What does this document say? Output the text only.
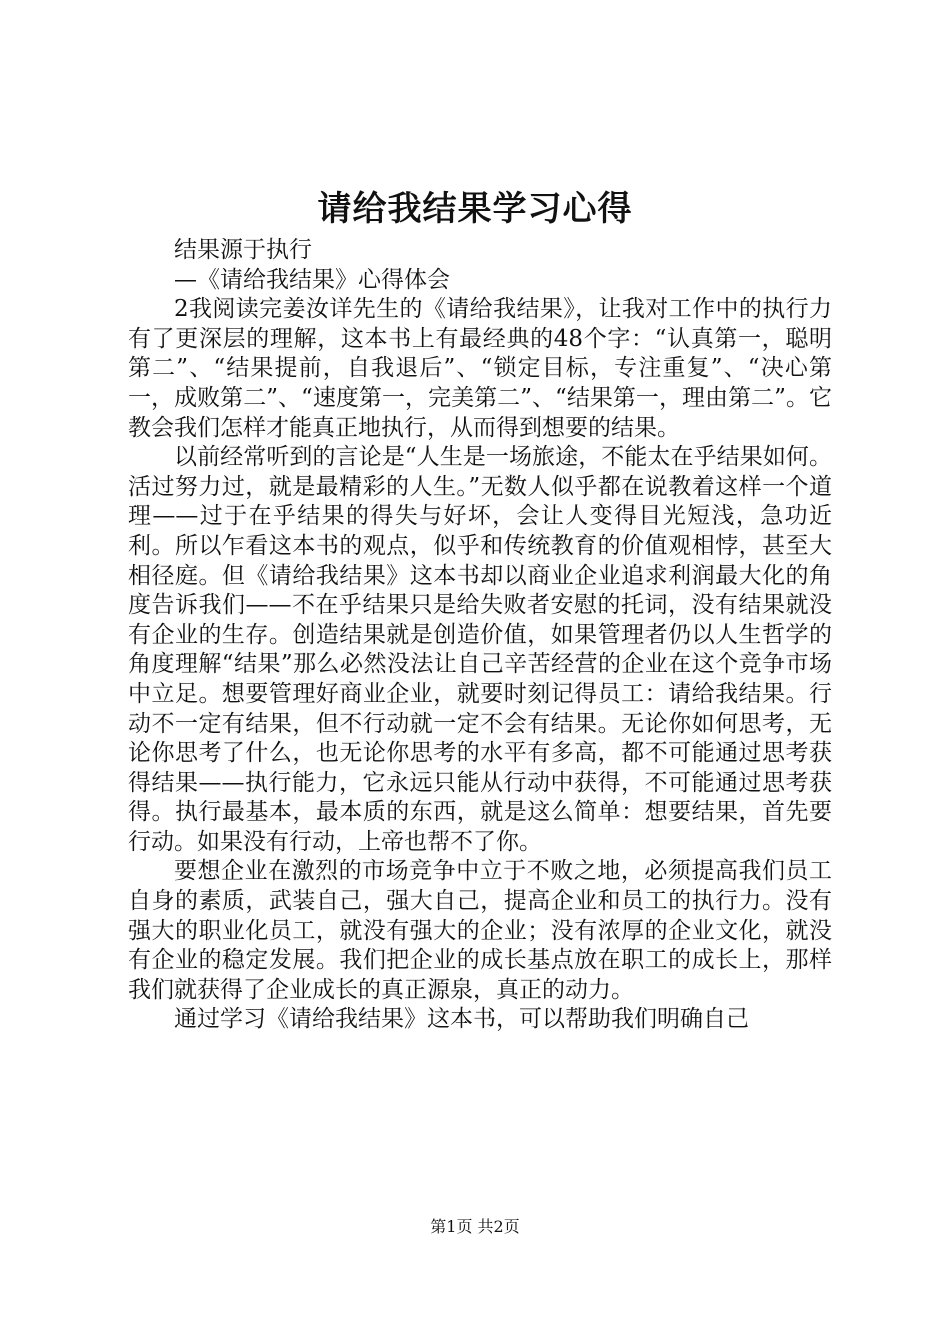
请给我结果学习心得

结果源于执行

—《请给我结果》心得体会

2我阅读完姜汝详先生的《请给我结果》，让我对工作中的执行力有了更深层的理解，这本书上有最经典的48个字：“认真第一，聪明第二”、“结果提前，自我退后”、“锁定目标，专注重复”、“决心第一，成败第二”、“速度第一，完美第二”、“结果第一，理由第二”。它教会我们怎样才能真正地执行，从而得到想要的结果。

以前经常听到的言论是“人生是一场旅途，不能太在乎结果如何。活过努力过，就是最精彩的人生。”无数人似乎都在说教着这样一个道理——过于在乎结果的得失与好坏，会让人变得目光短浅，急功近利。所以乍看这本书的观点，似乎和传统教育的价值观相悖，甚至大相径庭。但《请给我结果》这本书却以商业企业追求利润最大化的角度告诉我们——不在乎结果只是给失败者安慰的托词，没有结果就没有企业的生存。创造结果就是创造价值，如果管理者仍以人生哲学的角度理解“结果”那么必然没法让自己辛苦经营的企业在这个竞争市场中立足。想要管理好商业企业，就要时刻记得员工：请给我结果。行动不一定有结果，但不行动就一定不会有结果。无论你如何思考，无论你思考了什么，也无论你思考的水平有多高，都不可能通过思考获得结果——执行能力，它永远只能从行动中获得，不可能通过思考获得。执行最基本，最本质的东西，就是这么简单：想要结果，首先要行动。如果没有行动，上帝也帮不了你。

要想企业在激烈的市场竞争中立于不败之地，必须提高我们员工自身的素质，武装自己，强大自己，提高企业和员工的执行力。没有强大的职业化员工，就没有强大的企业；没有浓厚的企业文化，就没有企业的稳定发展。我们把企业的成长基点放在职工的成长上，那样我们就获得了企业成长的真正源泉，真正的动力。

通过学习《请给我结果》这本书，可以帮助我们明确自己

第1页 共2页
